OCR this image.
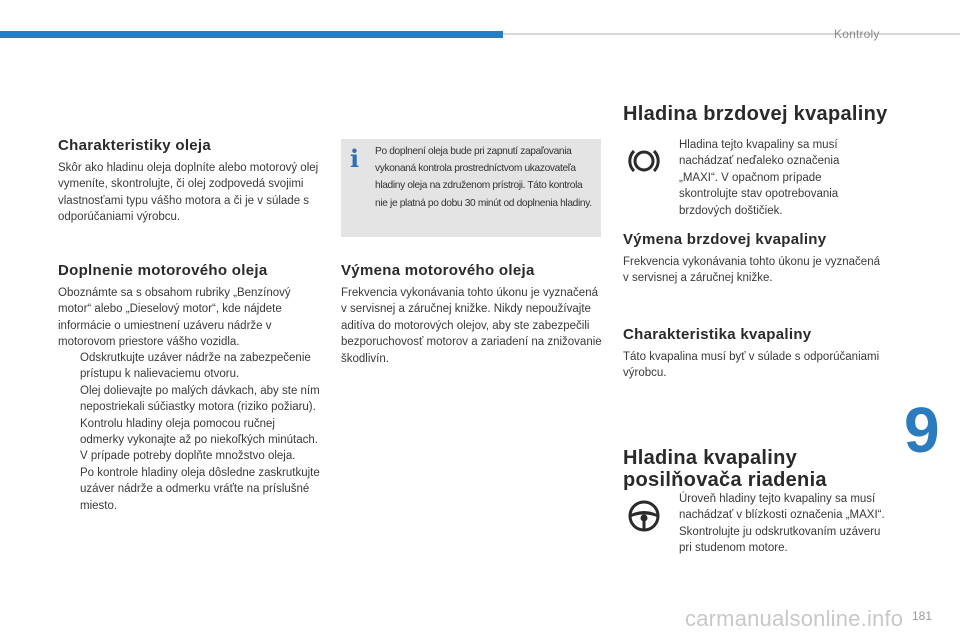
Kontroly
Charakteristiky oleja

Skôr ako hladinu oleja doplníte alebo motorový olej vymeníte, skontrolujte, či olej zodpovedá svojimi vlastnosťami typu vášho motora a či je v súlade s odporúčaniami výrobcu.

Doplnenie motorového oleja

Oboznámte sa s obsahom rubriky „Benzínový motor“ alebo „Dieselový motor“, kde nájdete informácie o umiestnení uzáveru nádrže v motorovom priestore vášho vozidla.

Odskrutkujte uzáver nádrže na zabezpečenie prístupu k nalievaciemu otvoru.
Olej dolievajte po malých dávkach, aby ste ním nepostriekali súčiastky motora (riziko požiaru).
Kontrolu hladiny oleja pomocou ručnej odmerky vykonajte až po niekoľkých minútach.
V prípade potreby doplňte množstvo oleja.
Po kontrole hladiny oleja dôsledne zaskrutkujte uzáver nádrže a odmerku vráťte na príslušné miesto.
i Po doplnení oleja bude pri zapnutí zapaľovania vykonaná kontrola prostredníctvom ukazovateľa hladiny oleja na združenom prístroji. Táto kontrola nie je platná po dobu 30 minút od doplnenia hladiny.

Výmena motorového oleja

Frekvencia vykonávania tohto úkonu je vyznačená v servisnej a záručnej knižke. Nikdy nepoužívajte aditíva do motorových olejov, aby ste zabezpečili bezporuchovosť motorov a zariadení na znižovanie škodlivín.

Hladina brzdovej kvapaliny

Hladina tejto kvapaliny sa musí nachádzať neďaleko označenia „MAXI“. V opačnom prípade skontrolujte stav opotrebovania brzdových doštičiek.

Výmena brzdovej kvapaliny

Frekvencia vykonávania tohto úkonu je vyznačená v servisnej a záručnej knižke.

Charakteristika kvapaliny

Táto kvapalina musí byť v súlade s odporúčaniami výrobcu.

Hladina kvapaliny
posilňovača riadenia

Úroveň hladiny tejto kvapaliny sa musí nachádzať v blízkosti označenia „MAXI“. Skontrolujte ju odskrutkovaním uzáveru pri studenom motore.

9
carmanualsonline.info 181
